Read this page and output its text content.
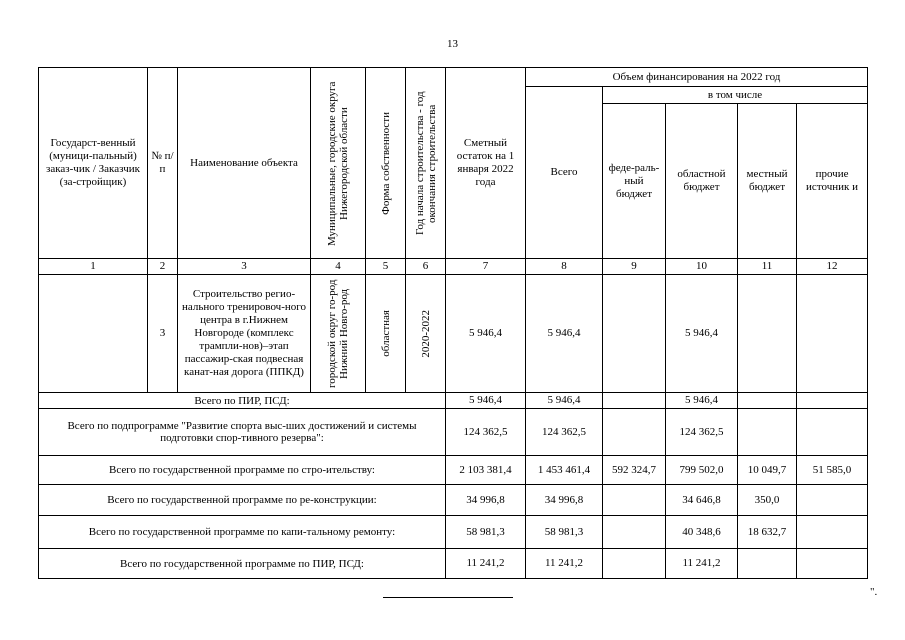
13
Государст-венный (муници-пальный) заказ-чик / Заказчик (за-стройщик)	№ п/п	Наименование объекта	Муниципальные, городские округа Нижегородской области	Форма собственности	Год начала строительства - год окончания строительства	Сметный остаток на 1 января 2022 года	Объем финансирования на 2022 год				
							Всего	в том числе			
								феде-раль-ный бюджет	областной бюджет	местный бюджет	прочие источник и
1	2	3	4	5	6	7	8	9	10	11	12
	3	Строительство регио-нального тренировоч-ного центра в г.Нижнем Новгороде (комплекс трампли-нов)–этап пассажир-ская подвесная канат-ная дорога (ППКД)	городской округ го-род Нижний Новго-род	областная	2020-2022	5 946,4	5 946,4		5 946,4		
Всего по ПИР, ПСД:						5 946,4	5 946,4		5 946,4		
Всего по подпрограмме "Развитие спорта выс-ших достижений и системы подготовки спор-тивного резерва":						124 362,5	124 362,5		124 362,5		
Всего по государственной программе по стро-ительству:						2 103 381,4	1 453 461,4	592 324,7	799 502,0	10 049,7	51 585,0
Всего по государственной программе по ре-конструкции:						34 996,8	34 996,8		34 646,8	350,0	
Всего по государственной программе по капи-тальному ремонту:						58 981,3	58 981,3		40 348,6	18 632,7	
Всего по государственной программе по ПИР, ПСД:						11 241,2	11 241,2		11 241,2		
".
